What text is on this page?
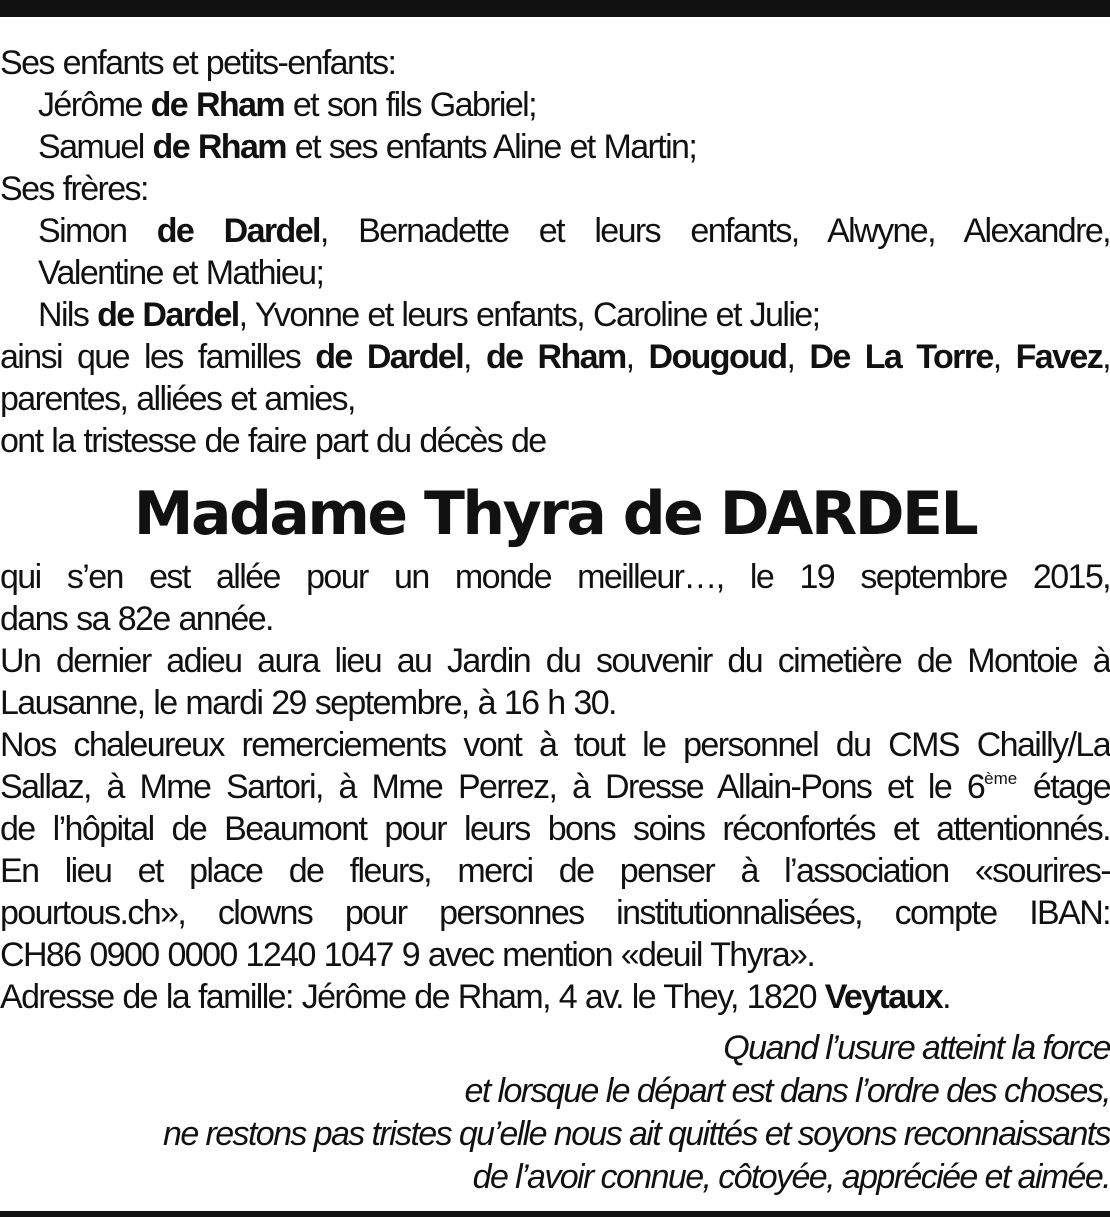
Ses enfants et petits-enfants:
Jérôme de Rham et son fils Gabriel;
Samuel de Rham et ses enfants Aline et Martin;
Ses frères:
Simon de Dardel, Bernadette et leurs enfants, Alwyne, Alexandre,
Valentine et Mathieu;
Nils de Dardel, Yvonne et leurs enfants, Caroline et Julie;
ainsi que les familles de Dardel, de Rham, Dougoud, De La Torre, Favez,
parentes, alliées et amies,
ont la tristesse de faire part du décès de
Madame Thyra de DARDEL
qui s’en est allée pour un monde meilleur…, le 19 septembre 2015,
dans sa 82e année.
Un dernier adieu aura lieu au Jardin du souvenir du cimetière de Montoie à
Lausanne, le mardi 29 septembre, à 16 h 30.
Nos chaleureux remerciements vont à tout le personnel du CMS Chailly/La
Sallaz, à Mme Sartori, à Mme Perrez, à Dresse Allain-Pons et le 6ème étage
de l’hôpital de Beaumont pour leurs bons soins réconfortés et attentionnés.
En lieu et place de fleurs, merci de penser à l’association «sourires-
pourtous.ch», clowns pour personnes institutionnalisées, compte IBAN:
CH86 0900 0000 1240 1047 9 avec mention «deuil Thyra».
Adresse de la famille: Jérôme de Rham, 4 av. le They, 1820 Veytaux.
Quand l’usure atteint la force
et lorsque le départ est dans l’ordre des choses,
ne restons pas tristes qu’elle nous ait quittés et soyons reconnaissants
de l’avoir connue, côtoyée, appréciée et aimée.
